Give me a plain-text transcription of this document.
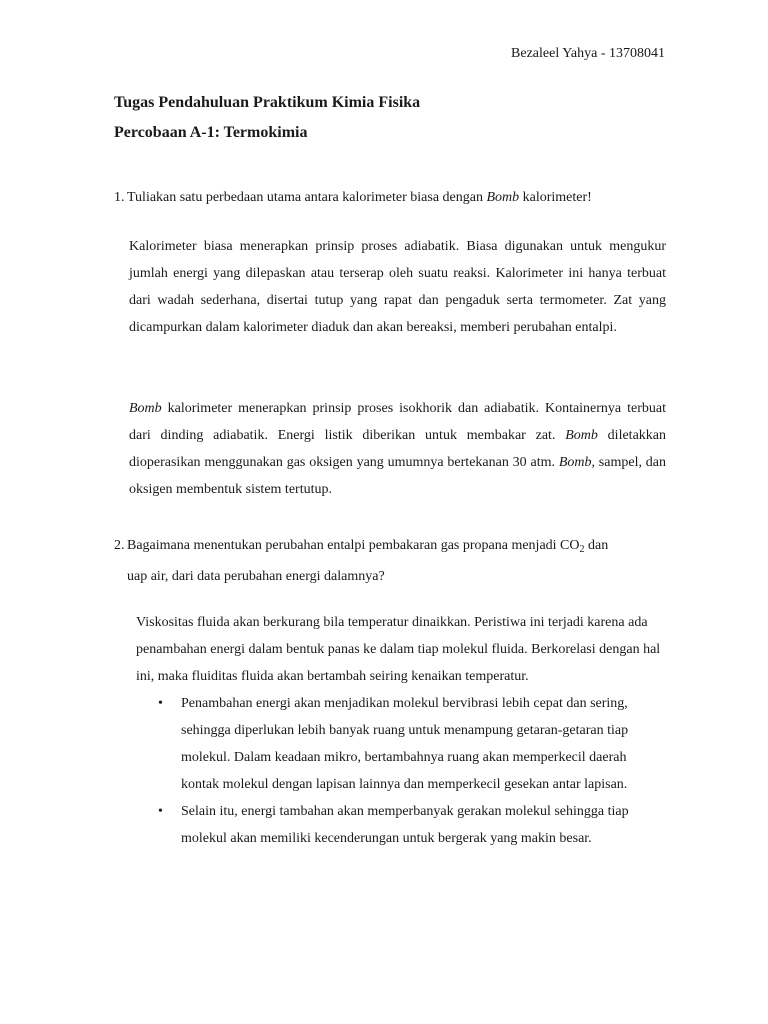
Bezaleel Yahya - 13708041
Tugas Pendahuluan Praktikum Kimia Fisika
Percobaan A-1: Termokimia
1. Tuliakan satu perbedaan utama antara kalorimeter biasa dengan Bomb kalorimeter!
Kalorimeter biasa menerapkan prinsip proses adiabatik. Biasa digunakan untuk mengukur jumlah energi yang dilepaskan atau terserap oleh suatu reaksi. Kalorimeter ini hanya terbuat dari wadah sederhana, disertai tutup yang rapat dan pengaduk serta termometer. Zat yang dicampurkan dalam kalorimeter diaduk dan akan bereaksi, memberi perubahan entalpi.
Bomb kalorimeter menerapkan prinsip proses isokhorik dan adiabatik. Kontainernya terbuat dari dinding adiabatik. Energi listik diberikan untuk membakar zat. Bomb diletakkan dioperasikan menggunakan gas oksigen yang umumnya bertekanan 30 atm. Bomb, sampel, dan oksigen membentuk sistem tertutup.
2. Bagaimana menentukan perubahan entalpi pembakaran gas propana menjadi $CO_2$ dan
uap air, dari data perubahan energi dalamnya?
Viskositas fluida akan berkurang bila temperatur dinaikkan. Peristiwa ini terjadi karena ada penambahan energi dalam bentuk panas ke dalam tiap molekul fluida. Berkorelasi dengan hal ini, maka fluiditas fluida akan bertambah seiring kenaikan temperatur.
• Penambahan energi akan menjadikan molekul bervibrasi lebih cepat dan sering, sehingga diperlukan lebih banyak ruang untuk menampung getaran-getaran tiap molekul. Dalam keadaan mikro, bertambahnya ruang akan memperkecil daerah kontak molekul dengan lapisan lainnya dan memperkecil gesekan antar lapisan.
• Selain itu, energi tambahan akan memperbanyak gerakan molekul sehingga tiap molekul akan memiliki kecenderungan untuk bergerak yang makin besar.
